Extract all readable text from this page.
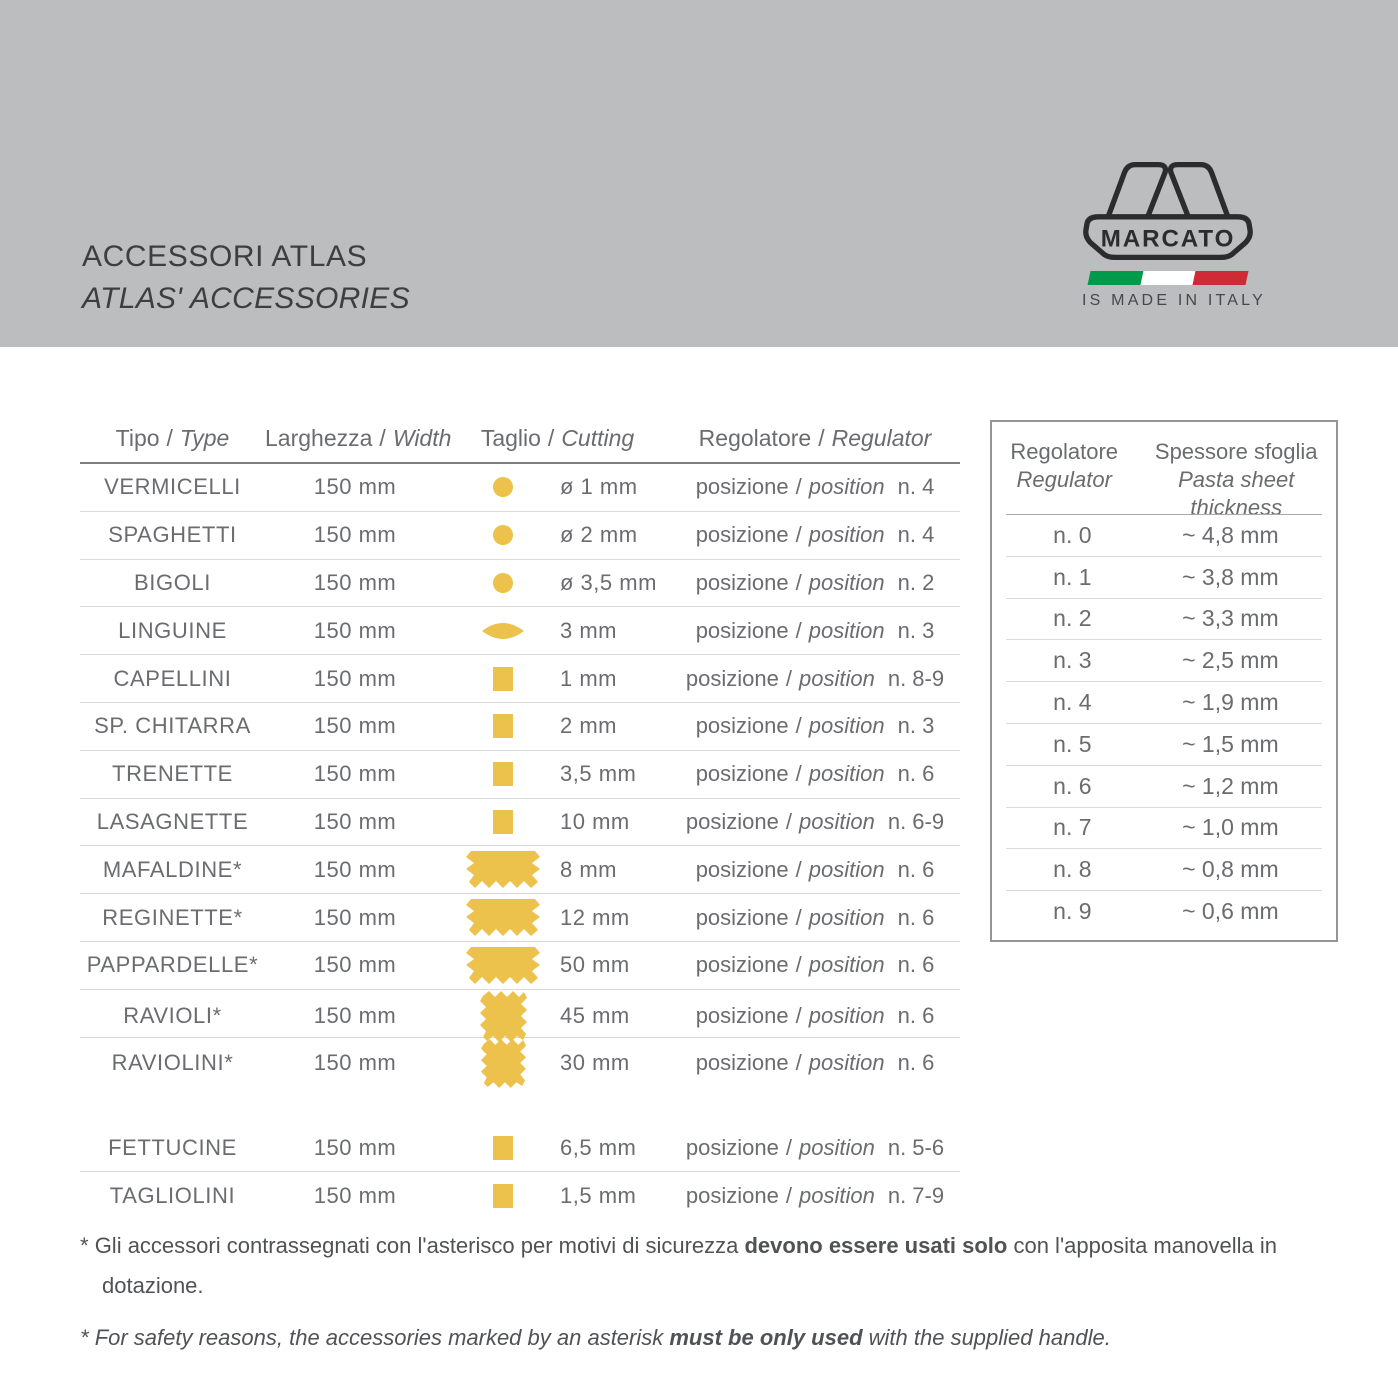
ACCESSORI ATLAS
ATLAS' ACCESSORIES
MARCATO
IS MADE IN ITALY
Tipo / Type	Larghezza / Width	Taglio / Cutting	Regolatore / Regulator
VERMICELLI	150 mm	ø 1 mm	posizione / position n. 4
SPAGHETTI	150 mm	ø 2 mm	posizione / position n. 4
BIGOLI	150 mm	ø 3,5 mm	posizione / position n. 2
LINGUINE	150 mm	3 mm	posizione / position n. 3
CAPELLINI	150 mm	1 mm	posizione / position n. 8-9
SP. CHITARRA	150 mm	2 mm	posizione / position n. 3
TRENETTE	150 mm	3,5 mm	posizione / position n. 6
LASAGNETTE	150 mm	10 mm	posizione / position n. 6-9
MAFALDINE*	150 mm	8 mm	posizione / position n. 6
REGINETTE*	150 mm	12 mm	posizione / position n. 6
PAPPARDELLE*	150 mm	50 mm	posizione / position n. 6
RAVIOLI*	150 mm	45 mm	posizione / position n. 6
RAVIOLINI*	150 mm	30 mm	posizione / position n. 6
FETTUCINE	150 mm	6,5 mm	posizione / position n. 5-6
TAGLIOLINI	150 mm	1,5 mm	posizione / position n. 7-9
Regolatore
Regulator
Spessore sfoglia
Pasta sheet thickness
n. 0	~ 4,8 mm
n. 1	~ 3,8 mm
n. 2	~ 3,3 mm
n. 3	~ 2,5 mm
n. 4	~ 1,9 mm
n. 5	~ 1,5 mm
n. 6	~ 1,2 mm
n. 7	~ 1,0 mm
n. 8	~ 0,8 mm
n. 9	~ 0,6 mm
* Gli accessori contrassegnati con l'asterisco per motivi di sicurezza devono essere usati solo con l'apposita manovella in dotazione.
* For safety reasons, the accessories marked by an asterisk must be only used with the supplied handle.
